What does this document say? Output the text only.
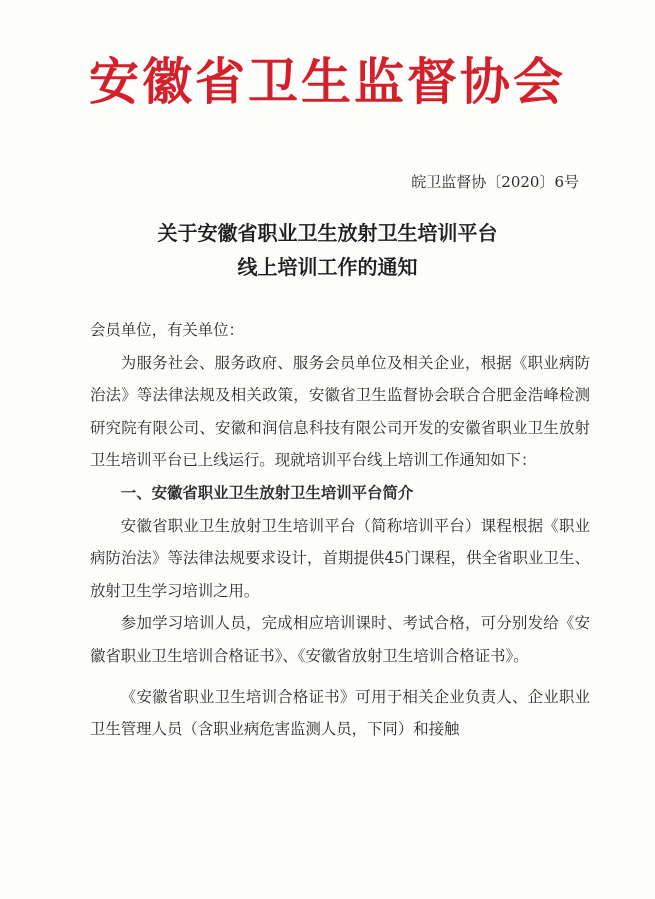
安徽省卫生监督协会
皖卫监督协〔2020〕6号
关于安徽省职业卫生放射卫生培训平台
线上培训工作的通知

会员单位，有关单位：

为服务社会、服务政府、服务会员单位及相关企业，根据《职业病防治法》等法律法规及相关政策，安徽省卫生监督协会联合合肥金浩峰检测研究院有限公司、安徽和润信息科技有限公司开发的安徽省职业卫生放射卫生培训平台已上线运行。现就培训平台线上培训工作通知如下：

一、安徽省职业卫生放射卫生培训平台简介

安徽省职业卫生放射卫生培训平台（简称培训平台）课程根据《职业病防治法》等法律法规要求设计，首期提供45门课程，供全省职业卫生、放射卫生学习培训之用。

参加学习培训人员，完成相应培训课时、考试合格，可分别发给《安徽省职业卫生培训合格证书》、《安徽省放射卫生培训合格证书》。

《安徽省职业卫生培训合格证书》可用于相关企业负责人、企业职业卫生管理人员（含职业病危害监测人员，下同）和接触
